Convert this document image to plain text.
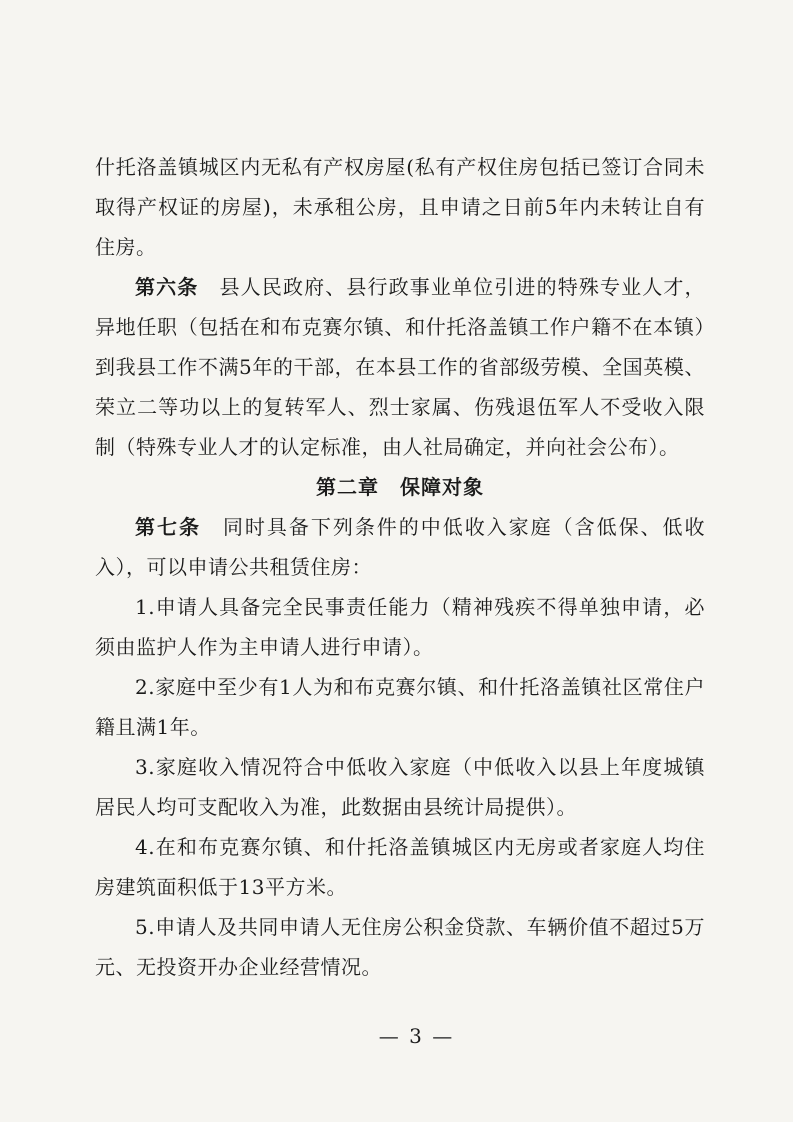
什托洛盖镇城区内无私有产权房屋(私有产权住房包括已签订合同未取得产权证的房屋)，未承租公房，且申请之日前5年内未转让自有住房。

第六条　 县人民政府、县行政事业单位引进的特殊专业人才，异地任职（包括在和布克赛尔镇、和什托洛盖镇工作户籍不在本镇）到我县工作不满5年的干部，在本县工作的省部级劳模、全国英模、荣立二等功以上的复转军人、烈士家属、伤残退伍军人不受收入限制（特殊专业人才的认定标准，由人社局确定，并向社会公布）。

第二章　保障对象

第七条　 同时具备下列条件的中低收入家庭（含低保、低收入），可以申请公共租赁住房：

1.申请人具备完全民事责任能力（精神残疾不得单独申请，必须由监护人作为主申请人进行申请）。

2.家庭中至少有1人为和布克赛尔镇、和什托洛盖镇社区常住户籍且满1年。

3.家庭收入情况符合中低收入家庭（中低收入以县上年度城镇居民人均可支配收入为准，此数据由县统计局提供）。

4.在和布克赛尔镇、和什托洛盖镇城区内无房或者家庭人均住房建筑面积低于13平方米。

5.申请人及共同申请人无住房公积金贷款、车辆价值不超过5万元、无投资开办企业经营情况。

— 3 —
